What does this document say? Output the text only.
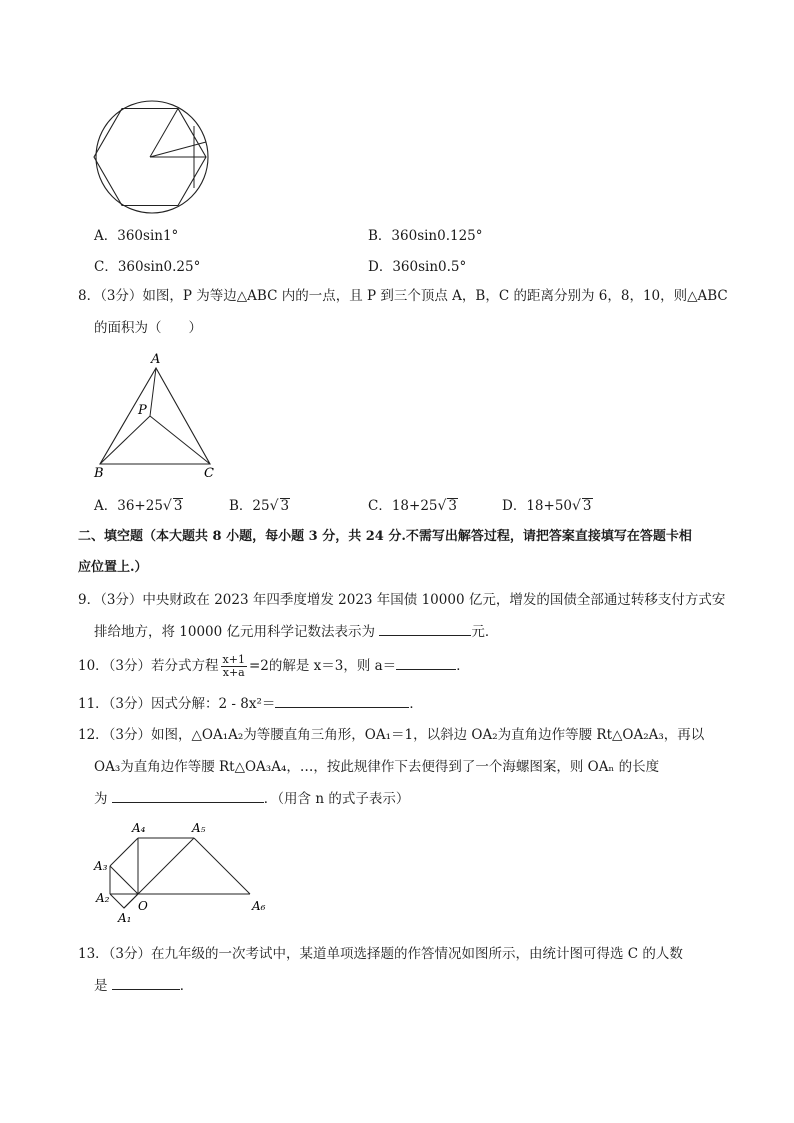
A．360sin1°	B．360sin0.125°
C．360sin0.25°	D．360sin0.5°
8．（3分）如图，P 为等边△ABC 内的一点，且 P 到三个顶点 A，B，C 的距离分别为 6，8，10，则△ABC
的面积为（　　）
A
P
B	C
A．36+25√ 3	B．25√ 3	C．18+25√ 3	D．18+50√ 3
二、填空题（本大题共 8 小题，每小题 3 分，共 24 分.不需写出解答过程，请把答案直接填写在答题卡相
应位置上.）
9．（3分）中央财政在 2023 年四季度增发 2023 年国债 10000 亿元，增发的国债全部通过转移支付方式安
排给地方，将 10000 亿元用科学记数法表示为	元．
10．（3分）若分式方程 $\frac{x+1}{x+a} =2$的解是 x＝3，则 a＝	．
11．（3分）因式分解：2 - 8x²＝	．
12．（3分）如图，△OA₁A₂为等腰直角三角形，OA₁＝1，以斜边 OA₂为直角边作等腰 Rt△OA₂A₃，再以
OA₃为直角边作等腰 Rt△OA₃A₄，…，按此规律作下去便得到了一个海螺图案，则 OAₙ 的长度
为	．（用含 n 的式子表示）
A₁
A₂
A₃
A₄	A₅
A₆
O
13．（3分）在九年级的一次考试中，某道单项选择题的作答情况如图所示，由统计图可得选 C 的人数
是	．
